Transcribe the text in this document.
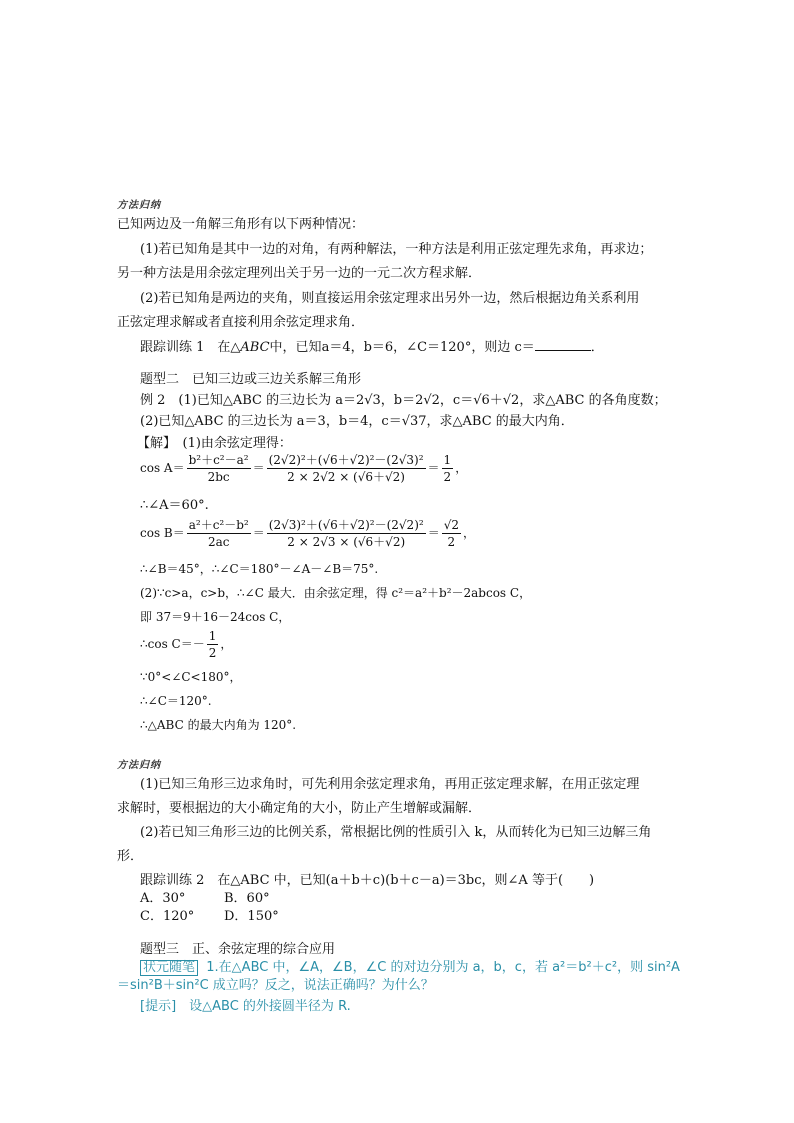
方法归纳
已知两边及一角解三角形有以下两种情况：
(1)若已知角是其中一边的对角，有两种解法，一种方法是利用正弦定理先求角，再求边；
另一种方法是用余弦定理列出关于另一边的一元二次方程求解．
(2)若已知角是两边的夹角，则直接运用余弦定理求出另外一边，然后根据边角关系利用
正弦定理求解或者直接利用余弦定理求角．
跟踪训练 1　在△ABC中，已知a＝4，b＝6，∠C＝120°，则边 c＝	．
题型二　已知三边或三边关系解三角形
例 2　(1)已知△ABC 的三边长为 a＝2√3，b＝2√2，c＝√6＋√2，求△ABC 的各角度数；
(2)已知△ABC 的三边长为 a＝3，b＝4，c＝√37，求△ABC 的最大内角．
【解】　(1)由余弦定理得：
$\cos A= \frac{\text{b²＋c²－a²}}{2bc} = \frac{\text{(2√2)²＋(√6＋√2)²－(2√3)²}}{2 \times 2√2 \times (√6+√2)} = \frac{1}{2}$ ，
∴∠A＝60°.
$\cos B= \frac{\text{a²＋c²－b²}}{2ac} = \frac{\text{(2√3)²＋(√6＋√2)²－(2√2)²}}{2 \times 2√3 \times (√6+√2)} = \frac{√2}{2}$ ，
∴∠B＝45°，∴∠C＝180°－∠A－∠B＝75°.
(2)∵c>a，c>b，∴∠C 最大．由余弦定理，得 c²＝a²＋b²－2abcos C，
即 37＝9＋16－24cos C，
∴cos $C=- \frac{1}{2}$ ，
∵0°<∠C<180°，
∴∠C＝120°.
∴△ABC 的最大内角为 120°.
方法归纳
(1)已知三角形三边求角时，可先利用余弦定理求角，再用正弦定理求解，在用正弦定理
求解时，要根据边的大小确定角的大小，防止产生增解或漏解．
(2)若已知三角形三边的比例关系，常根据比例的性质引入 k，从而转化为已知三边解三角
形．
跟踪训练 2　在△ABC 中，已知(a＋b＋c)(b＋c－a)＝3bc，则∠A 等于(　　)
A．30°	B．60°
C．120° D．150°
题型三　正、余弦定理的综合应用
状元随笔 1.在△ABC 中，∠A，∠B，∠C 的对边分别为 a，b，c，若 a²＝b²＋c²，则 sin²A
＝sin²B＋sin²C 成立吗？反之，说法正确吗？为什么？
[提示]　设△ABC 的外接圆半径为 R.
